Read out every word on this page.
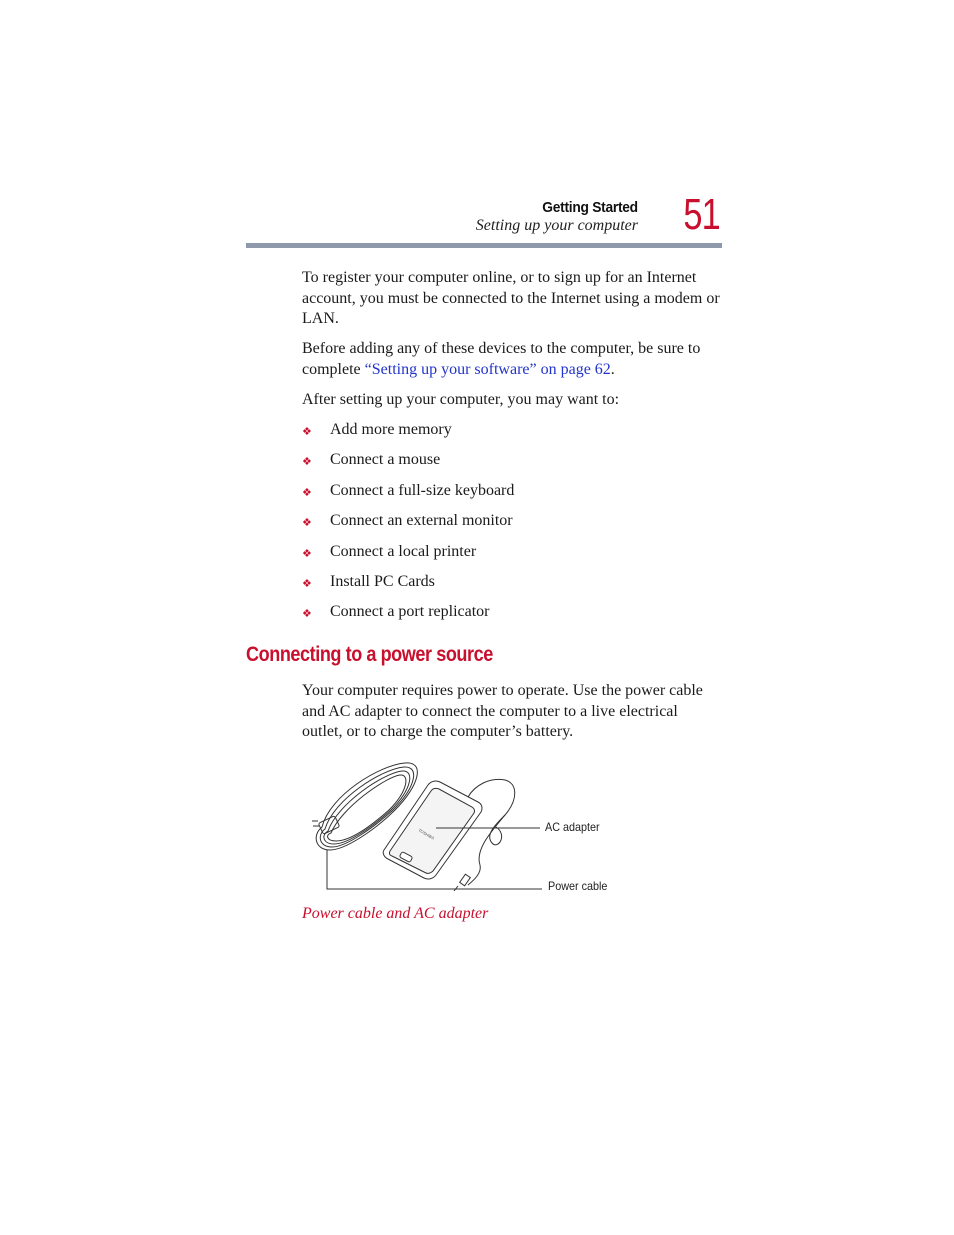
Getting Started
Setting up your computer 51
To register your computer online, or to sign up for an Internet account, you must be connected to the Internet using a modem or LAN.
Before adding any of these devices to the computer, be sure to complete “Setting up your software” on page 62.
After setting up your computer, you may want to:
❖ Add more memory
❖ Connect a mouse
❖ Connect a full-size keyboard
❖ Connect an external monitor
❖ Connect a local printer
❖ Install PC Cards
❖ Connect a port replicator
Connecting to a power source
Your computer requires power to operate. Use the power cable and AC adapter to connect the computer to a live electrical outlet, or to charge the computer’s battery.
TOSHIBA
AC adapter
Power cable
Power cable and AC adapter
